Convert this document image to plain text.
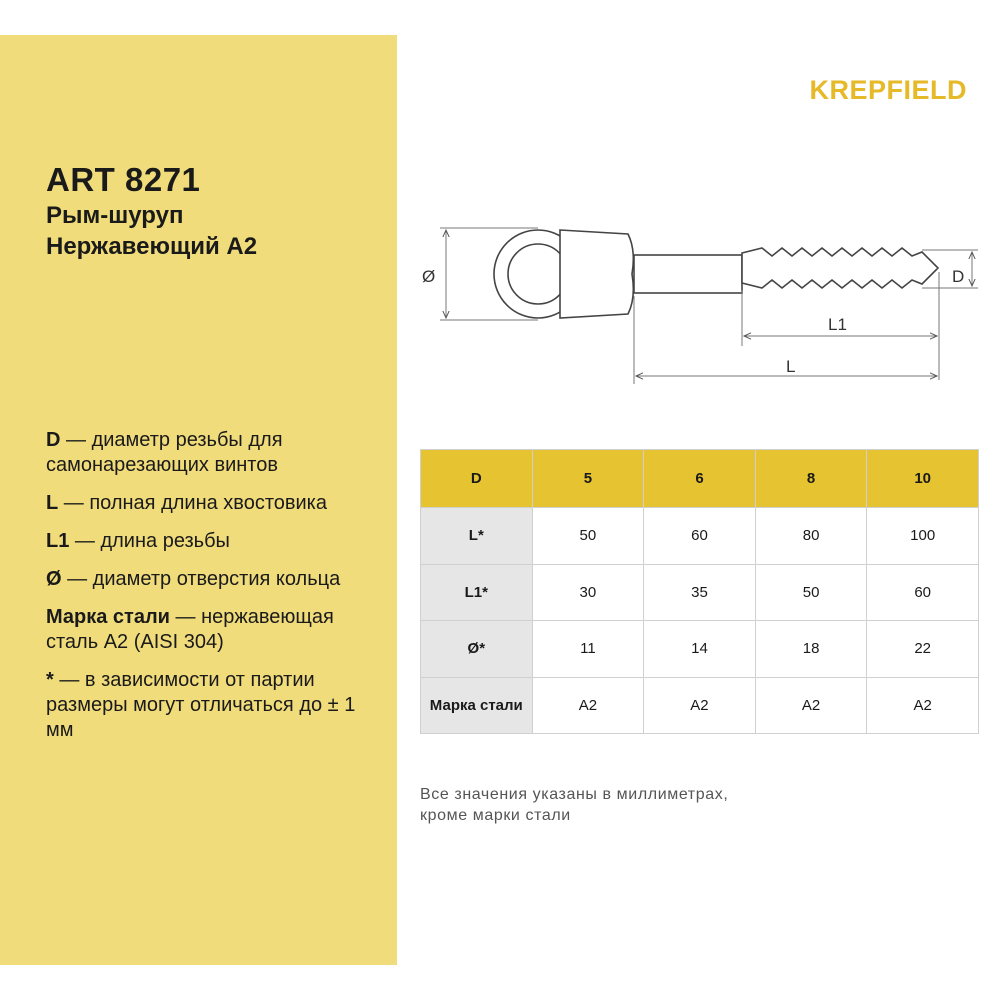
ART 8271
Рым-шуруп
Нержавеющий А2
D — диаметр резьбы для самонарезающих винтов
L — полная длина хвостовика
L1 — длина резьбы
Ø — диаметр отверстия кольца
Марка стали — нержавеющая сталь A2 (AISI 304)
* — в зависимости от партии размеры могут отличаться до ± 1 мм
KREPFIELD
Ø	D
L1
L
D	5	6	8	10
L*	50	60	80	100
L1*	30	35	50	60
Ø*	11	14	18	22
Марка стали	A2	A2	A2	A2
Все значения указаны в миллиметрах,
кроме марки стали
